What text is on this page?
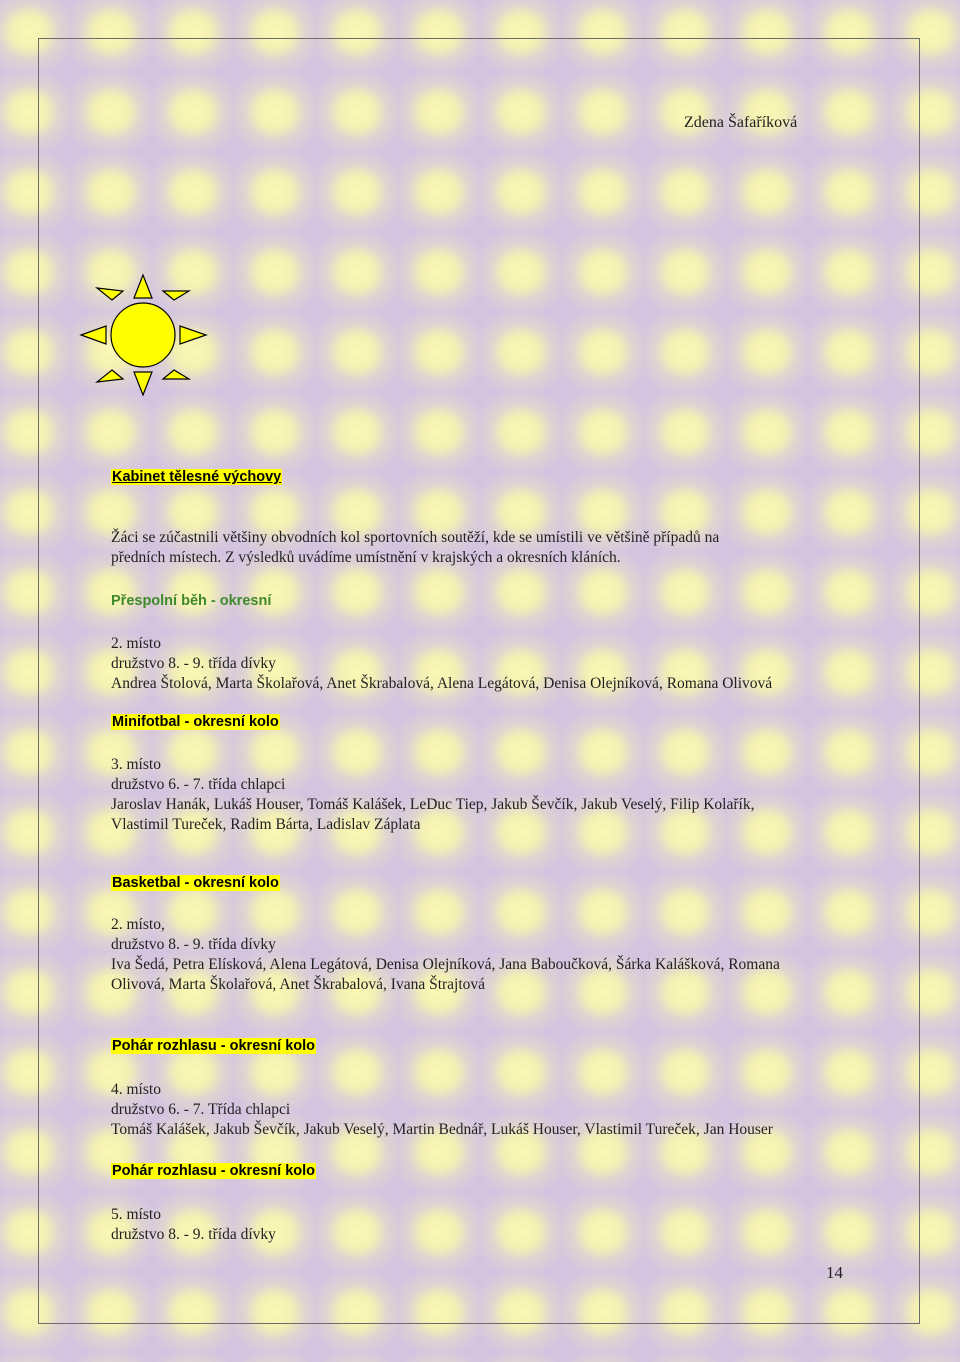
Zdena Šafaříková
Kabinet tělesné výchovy
Žáci se zúčastnili většiny obvodních kol sportovních soutěží, kde se umístili ve většině případů na
předních místech. Z výsledků uvádíme umístnění v krajských a okresních kláních.
Přespolní běh - okresní
2. místo
družstvo 8. - 9. třída dívky
Andrea Štolová, Marta Školařová, Anet Škrabalová, Alena Legátová, Denisa Olejníková, Romana Olivová
Minifotbal - okresní kolo
3. místo
družstvo 6. - 7. třída chlapci
Jaroslav Hanák, Lukáš Houser, Tomáš Kalášek, LeDuc Tiep, Jakub Ševčík, Jakub Veselý, Filip Kolařík,
Vlastimil Tureček, Radim Bárta, Ladislav Záplata
Basketbal - okresní kolo
2. místo,
družstvo 8. - 9. třída dívky
Iva Šedá, Petra Elísková, Alena Legátová, Denisa Olejníková, Jana Baboučková, Šárka Kalášková, Romana
Olivová, Marta Školařová, Anet Škrabalová, Ivana Štrajtová
Pohár rozhlasu - okresní kolo
4. místo
družstvo 6. - 7. Třída chlapci
Tomáš Kalášek, Jakub Ševčík, Jakub Veselý, Martin Bednář, Lukáš Houser, Vlastimil Tureček, Jan Houser
Pohár rozhlasu - okresní kolo
5. místo
družstvo 8. - 9. třída dívky
14
